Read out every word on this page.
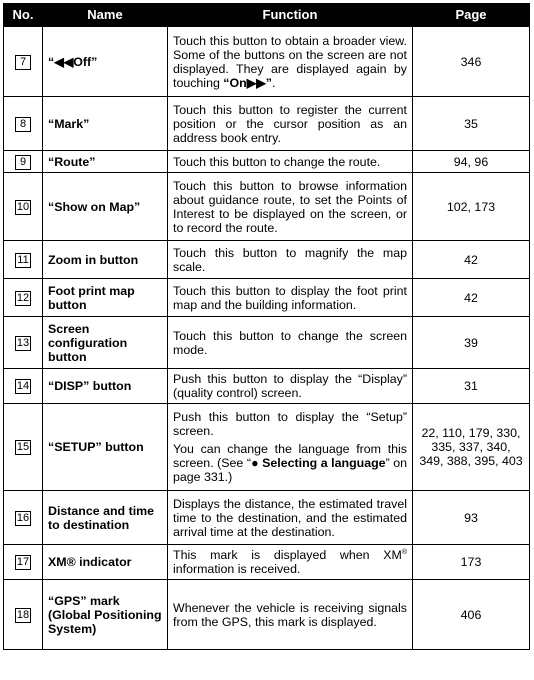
No.	Name	Function	Page
7	“◀◀Off”	Touch this button to obtain a broader view. Some of the buttons on the screen are not displayed. They are displayed again by touching “On▶▶”.	346
8	“Mark”	Touch this button to register the current position or the cursor position as an address book entry.	35
9	“Route”	Touch this button to change the route.	94, 96
10	“Show on Map”	Touch this button to browse information about guidance route, to set the Points of Interest to be displayed on the screen, or to record the route.	102, 173
11	Zoom in button	Touch this button to magnify the map scale.	42
12	Foot print map button	Touch this button to display the foot print map and the building information.	42
13	Screen configuration button	Touch this button to change the screen mode.	39
14	“DISP” button	Push this button to display the “Display” (quality control) screen.	31
15	“SETUP” button	Push this button to display the “Setup” screen.
You can change the language from this screen. (See “● Selecting a language” on page 331.)	22, 110, 179, 330, 335, 337, 340, 349, 388, 395, 403
16	Distance and time to destination	Displays the distance, the estimated travel time to the destination, and the estimated arrival time at the destination.	93
17	XM® indicator	This mark is displayed when XM® information is received.	173
18	“GPS” mark (Global Positioning System)	Whenever the vehicle is receiving signals from the GPS, this mark is displayed.	406
